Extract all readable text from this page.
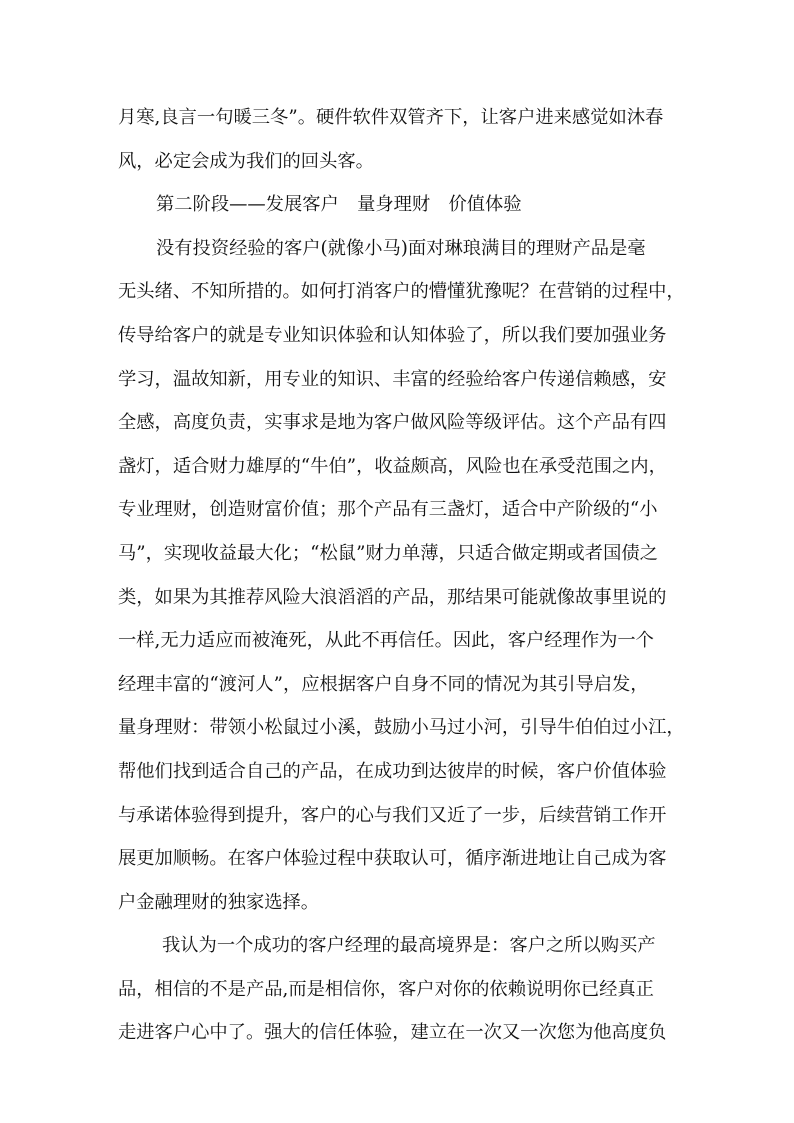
月寒,良言一句暖三冬”。硬件软件双管齐下，让客户进来感觉如沐春
风，必定会成为我们的回头客。
第二阶段——发展客户　量身理财　价值体验
没有投资经验的客户(就像小马)面对琳琅满目的理财产品是毫
无头绪、不知所措的。如何打消客户的懵懂犹豫呢？在营销的过程中，
传导给客户的就是专业知识体验和认知体验了，所以我们要加强业务
学习，温故知新，用专业的知识、丰富的经验给客户传递信赖感，安
全感，高度负责，实事求是地为客户做风险等级评估。这个产品有四
盏灯，适合财力雄厚的“牛伯”，收益颇高，风险也在承受范围之内，
专业理财，创造财富价值；那个产品有三盏灯，适合中产阶级的“小
马”，实现收益最大化；“松鼠”财力单薄，只适合做定期或者国债之
类，如果为其推荐风险大浪滔滔的产品，那结果可能就像故事里说的
一样,无力适应而被淹死，从此不再信任。因此，客户经理作为一个
经理丰富的“渡河人”，应根据客户自身不同的情况为其引导启发，
量身理财：带领小松鼠过小溪，鼓励小马过小河，引导牛伯伯过小江，
帮他们找到适合自己的产品，在成功到达彼岸的时候，客户价值体验
与承诺体验得到提升，客户的心与我们又近了一步，后续营销工作开
展更加顺畅。在客户体验过程中获取认可，循序渐进地让自己成为客
户金融理财的独家选择。
我认为一个成功的客户经理的最高境界是：客户之所以购买产
品，相信的不是产品,而是相信你，客户对你的依赖说明你已经真正
走进客户心中了。强大的信任体验，建立在一次又一次您为他高度负
